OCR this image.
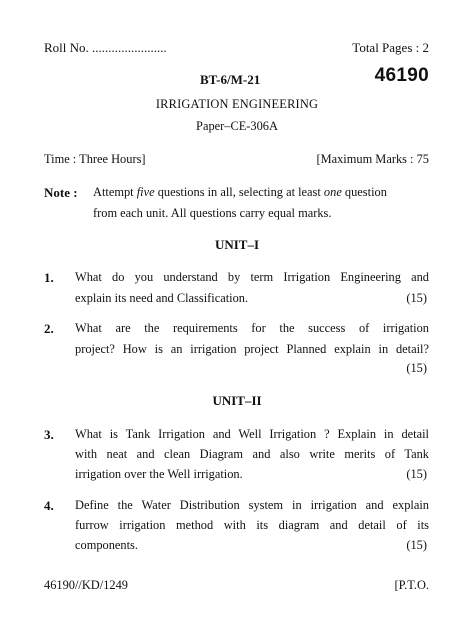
Roll No. .......................	Total Pages : 2
BT-6/M-21	46190
IRRIGATION ENGINEERING
Paper–CE-306A
Time : Three Hours]	[Maximum Marks : 75
Note : Attempt five questions in all, selecting at least one question
from each unit. All questions carry equal marks.
UNIT–I
1. What do you understand by term Irrigation Engineering and
explain its need and Classification.	(15)
2. What are the requirements for the success of irrigation
project? How is an irrigation project Planned explain in detail?
(15)
UNIT–II
3. What is Tank Irrigation and Well Irrigation ? Explain in detail
with neat and clean Diagram and also write merits of Tank
irrigation over the Well irrigation.	(15)
4. Define the Water Distribution system in irrigation and explain
furrow irrigation method with its diagram and detail of its
components.	(15)
46190//KD/1249	[P.T.O.
